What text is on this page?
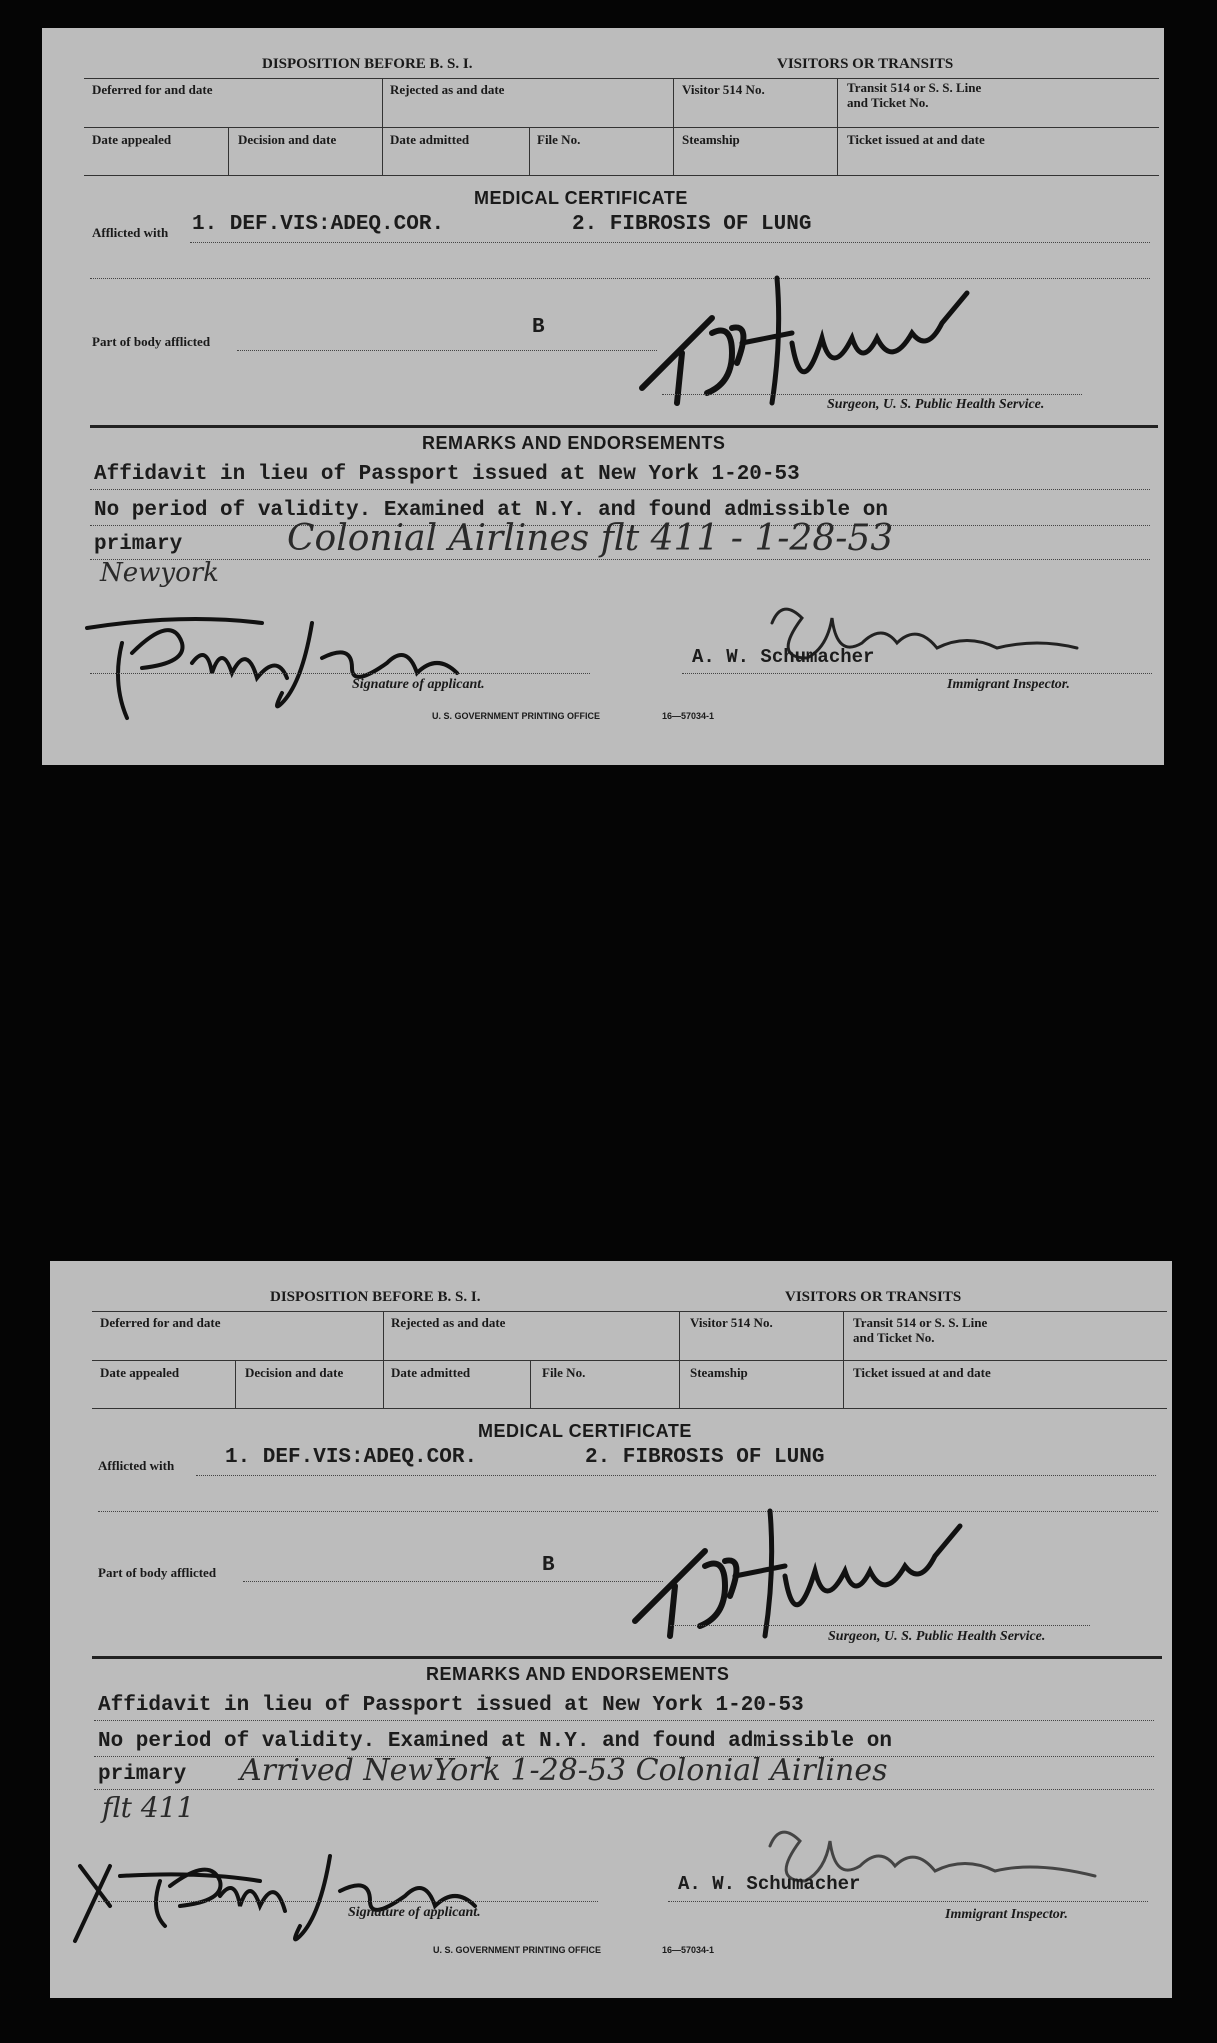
DISPOSITION BEFORE B. S. I.	VISITORS OR TRANSITS
Deferred for and date	Rejected as and date	Visitor 514 No.	Transit 514 or S. S. Line
and Ticket No.
Date appealed	Decision and date	Date admitted	File No.	Steamship	Ticket issued at and date
MEDICAL CERTIFICATE
Afflicted with 1. DEF.VIS:ADEQ.COR.	2. FIBROSIS OF LUNG
Part of body afflicted
B
Surgeon, U. S. Public Health Service.
REMARKS AND ENDORSEMENTS
Affidavit in lieu of Passport issued at New York 1-20-53
No period of validity. Examined at N.Y. and found admissible on
primary	Colonial Airlines flt 411 - 1-28-53
Newyork
Signature of applicant.
A. W. Schumacher
Immigrant Inspector.
U. S. GOVERNMENT PRINTING OFFICE	16—57034-1
DISPOSITION BEFORE B. S. I.	VISITORS OR TRANSITS
Deferred for and date	Rejected as and date	Visitor 514 No.	Transit 514 or S. S. Line
and Ticket No.
Date appealed	Decision and date	Date admitted	File No.	Steamship	Ticket issued at and date
MEDICAL CERTIFICATE
Afflicted with 1. DEF.VIS:ADEQ.COR.	2. FIBROSIS OF LUNG
Part of body afflicted	B
Surgeon, U. S. Public Health Service.
REMARKS AND ENDORSEMENTS
Affidavit in lieu of Passport issued at New York 1-20-53
No period of validity. Examined at N.Y. and found admissible on
primary Arrived NewYork 1-28-53 Colonial Airlines
flt 411
Signature of applicant.
A. W. Schumacher
Immigrant Inspector.
U. S. GOVERNMENT PRINTING OFFICE	16—57034-1
